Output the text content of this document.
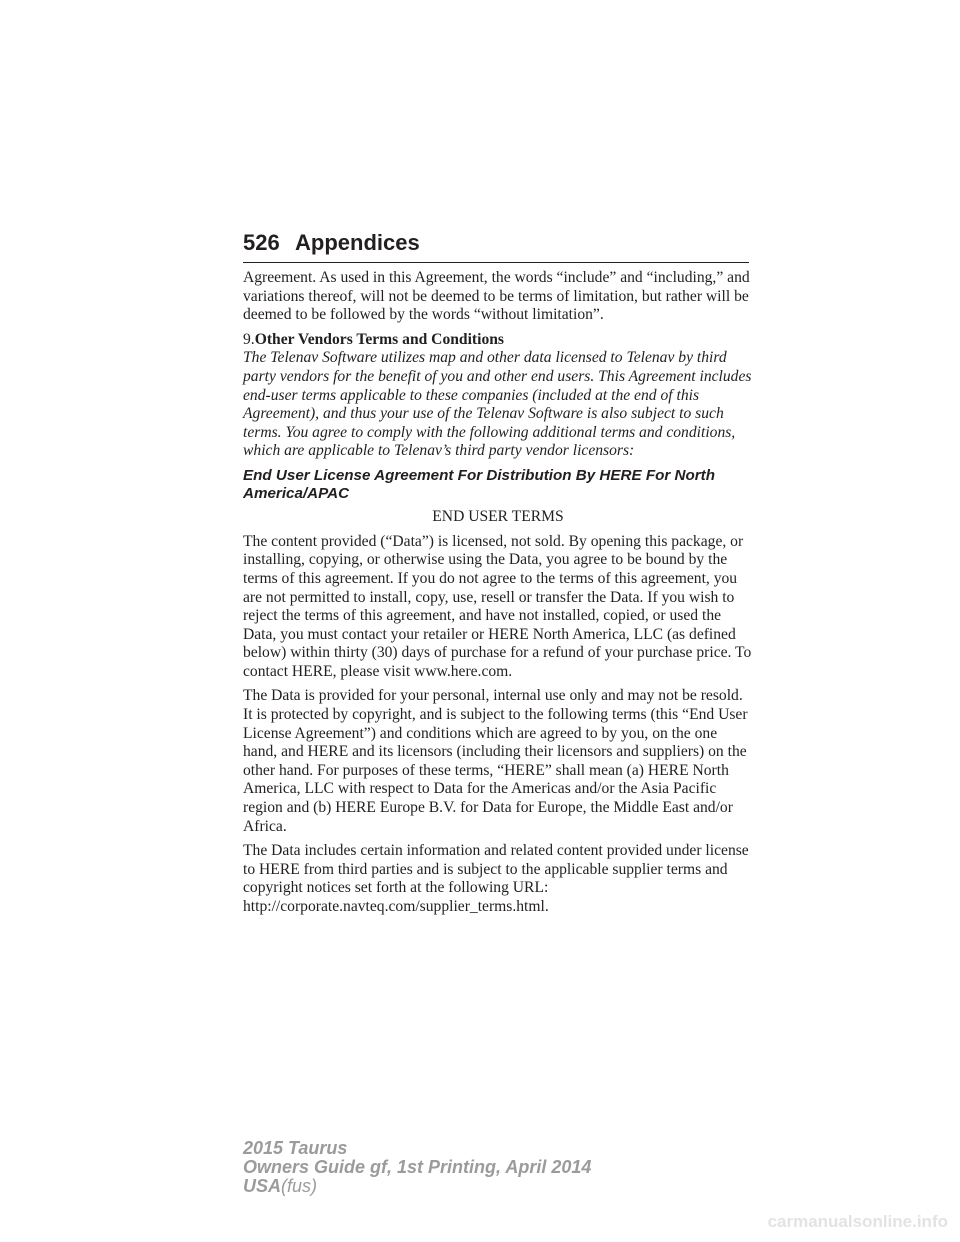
526 Appendices

Agreement. As used in this Agreement, the words “include” and “including,” and variations thereof, will not be deemed to be terms of limitation, but rather will be deemed to be followed by the words “without limitation”.

9.Other Vendors Terms and Conditions

The Telenav Software utilizes map and other data licensed to Telenav by third party vendors for the benefit of you and other end users. This Agreement includes end-user terms applicable to these companies (included at the end of this Agreement), and thus your use of the Telenav Software is also subject to such terms. You agree to comply with the following additional terms and conditions, which are applicable to Telenav’s third party vendor licensors:

End User License Agreement For Distribution By HERE For North America/APAC

END USER TERMS

The content provided (“Data”) is licensed, not sold. By opening this package, or installing, copying, or otherwise using the Data, you agree to be bound by the terms of this agreement. If you do not agree to the terms of this agreement, you are not permitted to install, copy, use, resell or transfer the Data. If you wish to reject the terms of this agreement, and have not installed, copied, or used the Data, you must contact your retailer or HERE North America, LLC (as defined below) within thirty (30) days of purchase for a refund of your purchase price. To contact HERE, please visit www.here.com.

The Data is provided for your personal, internal use only and may not be resold. It is protected by copyright, and is subject to the following terms (this “End User License Agreement”) and conditions which are agreed to by you, on the one hand, and HERE and its licensors (including their licensors and suppliers) on the other hand. For purposes of these terms, “HERE” shall mean (a) HERE North America, LLC with respect to Data for the Americas and/or the Asia Pacific region and (b) HERE Europe B.V. for Data for Europe, the Middle East and/or Africa.

The Data includes certain information and related content provided under license to HERE from third parties and is subject to the applicable supplier terms and copyright notices set forth at the following URL: http://corporate.navteq.com/supplier_terms.html.

2015 Taurus
Owners Guide gf, 1st Printing, April 2014
USA(fus)
carmanualsonline.info
